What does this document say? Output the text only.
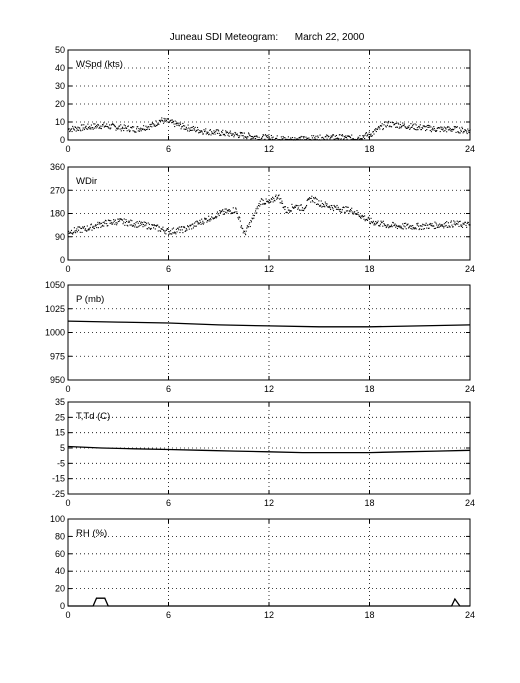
Juneau SDI Meteogram:      March 22, 2000
0
10
20
30
40
50
0	6	12	18	24
WSpd (kts)
0
90
180
270
360
0	6	12	18	24
WDir
950
975
1000
1025
1050
0	6	12	18	24
P (mb)
-25
-15
-5
5
15
25
35
0	6	12	18	24
T,Td (C)
0
20
40
60
80
100
0	6	12	18	24
RH (%)
